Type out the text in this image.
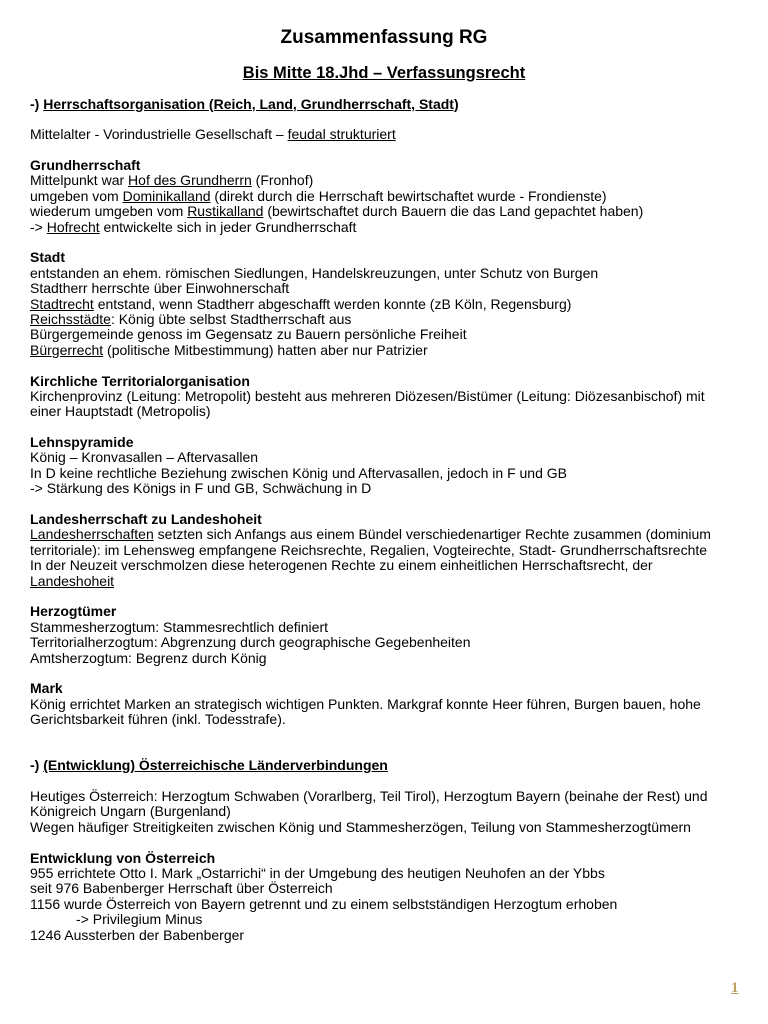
Zusammenfassung RG
Bis Mitte 18.Jhd – Verfassungsrecht
-) Herrschaftsorganisation (Reich, Land, Grundherrschaft, Stadt)
Mittelalter - Vorindustrielle Gesellschaft – feudal strukturiert
Grundherrschaft
Mittelpunkt war Hof des Grundherrn (Fronhof)
umgeben vom Dominikalland (direkt durch die Herrschaft bewirtschaftet wurde - Frondienste)
wiederum umgeben vom Rustikalland (bewirtschaftet durch Bauern die das Land gepachtet haben)
-> Hofrecht entwickelte sich in jeder Grundherrschaft
Stadt
entstanden an ehem. römischen Siedlungen, Handelskreuzungen, unter Schutz von Burgen
Stadtherr herrschte über Einwohnerschaft
Stadtrecht entstand, wenn Stadtherr abgeschafft werden konnte (zB Köln, Regensburg)
Reichsstädte: König übte selbst Stadtherrschaft aus
Bürgergemeinde genoss im Gegensatz zu Bauern persönliche Freiheit
Bürgerrecht (politische Mitbestimmung) hatten aber nur Patrizier
Kirchliche Territorialorganisation
Kirchenprovinz (Leitung: Metropolit) besteht aus mehreren Diözesen/Bistümer (Leitung: Diözesanbischof) mit
einer Hauptstadt (Metropolis)
Lehnspyramide
König – Kronvasallen – Aftervasallen
In D keine rechtliche Beziehung zwischen König und Aftervasallen, jedoch in F und GB
-> Stärkung des Königs in F und GB, Schwächung in D
Landesherrschaft zu Landeshoheit
Landesherrschaften setzten sich Anfangs aus einem Bündel verschiedenartiger Rechte zusammen (dominium
territoriale): im Lehensweg empfangene Reichsrechte, Regalien, Vogteirechte, Stadt- Grundherrschaftsrechte
In der Neuzeit verschmolzen diese heterogenen Rechte zu einem einheitlichen Herrschaftsrecht, der
Landeshoheit
Herzogtümer
Stammesherzogtum: Stammesrechtlich definiert
Territorialherzogtum: Abgrenzung durch geographische Gegebenheiten
Amtsherzogtum: Begrenz durch König
Mark
König errichtet Marken an strategisch wichtigen Punkten. Markgraf konnte Heer führen, Burgen bauen, hohe
Gerichtsbarkeit führen (inkl. Todesstrafe).
-) (Entwicklung) Österreichische Länderverbindungen
Heutiges Österreich: Herzogtum Schwaben (Vorarlberg, Teil Tirol), Herzogtum Bayern (beinahe der Rest) und
Königreich Ungarn (Burgenland)
Wegen häufiger Streitigkeiten zwischen König und Stammesherzögen, Teilung von Stammesherzogtümern
Entwicklung von Österreich
955 errichtete Otto I. Mark „Ostarrichi“ in der Umgebung des heutigen Neuhofen an der Ybbs
seit 976 Babenberger Herrschaft über Österreich
1156 wurde Österreich von Bayern getrennt und zu einem selbstständigen Herzogtum erhoben
-> Privilegium Minus
1246 Aussterben der Babenberger
1
